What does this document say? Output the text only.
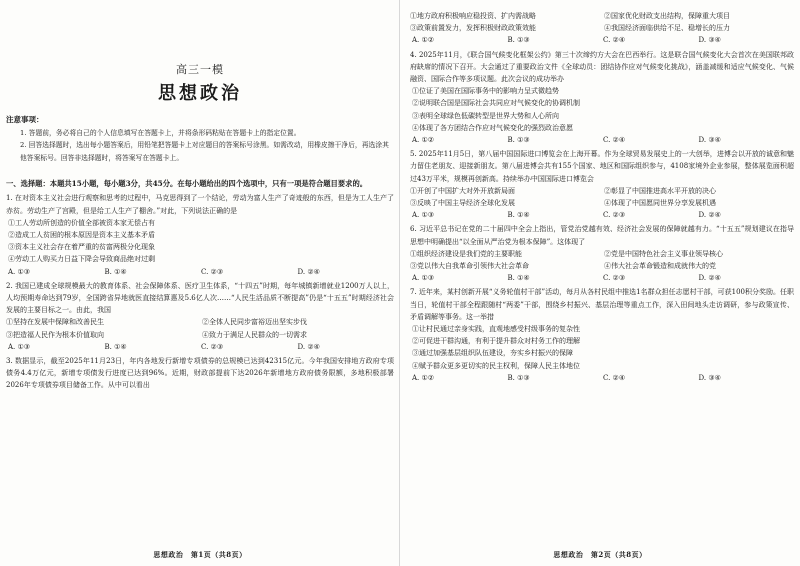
高三一模
思想政治
注意事项：
1. 答题前，务必将自己的个人信息填写在答题卡上，并将条形码粘贴在答题卡上的指定位置。
2. 回答选择题时，选出每小题答案后，用铅笔把答题卡上对应题目的答案标号涂黑。如需改动，用橡皮擦干净后，再选涂其他答案标号。回答非选择题时，将答案写在答题卡上。
一、选择题：本题共15小题，每小题3分，共45分。在每小题给出的四个选项中，只有一项是符合题目要求的。
1. 在对资本主义社会进行观察和思考的过程中，马克思得到了一个结论，劳动为富人生产了奇迹般的东西，但是为工人生产了赤贫。劳动生产了宫殿，但是给工人生产了棚舍。”对此，下列说法正确的是
①工人劳动所创造的价值全部被资本家无偿占有
②造成工人贫困的根本原因是资本主义基本矛盾
③资本主义社会存在着严重的贫富两极分化现象
④劳动工人购买力日益下降会导致商品绝对过剩
A. ①③	B. ①④	C. ②③	D. ②④
2. 我国已建成全球规模最大的教育体系、社会保障体系、医疗卫生体系，“十四五”时期，每年城镇新增就业1200万人以上，人均预期寿命达到79岁，全国跨省异地就医直接结算惠及5.6亿人次……“人民生活品质不断提高”仍是“十五五”时期经济社会发展的主要目标之一。由此，我国
①坚持在发展中保障和改善民生	②全体人民同步富裕迈出坚实步伐
③把造福人民作为根本价值取向	④致力于满足人民群众的一切需求
A. ①③	B. ①④	C. ②③	D. ②④
3. 数据显示，截至2025年11月23日，年内各地发行新增专项债券的总规模已达到42315亿元。今年我国安排地方政府专项债务4.4万亿元，新增专项债发行进度已达到96%。近期，财政部提前下达2026年新增地方政府债务限额，多地积极部署2026年专项债券项目储备工作。从中可以看出
思想政治　第1页（共8页）
①地方政府积极响应稳投资、扩内需战略	②国家优化财政支出结构，保障重大项目
③政策前置发力，发挥积极财政政策效能	④我国经济面临供给不足、稳增长的压力
A. ①②	B. ①③	C. ②④	D. ③④
4. 2025年11月，《联合国气候变化框架公约》第三十次缔约方大会在巴西举行。这是联合国气候变化大会首次在美国联邦政府缺席的情况下召开。大会通过了重要政治文件《全球动员：团结协作应对气候变化挑战》，涵盖减缓和适应气候变化、气候融资、国际合作等多项议题。此次会议的成功举办
①位证了美国在国际事务中的影响力呈式微趋势
②说明联合国是国际社会共同应对气候变化的协调机制
③表明全球绿色低碳转型是世界大势和人心所向
④体现了各方团结合作应对气候变化的强烈政治意愿
A. ①②	B. ①③	C. ②④	D. ③④
5. 2025年11月5日，第八届中国国际进口博览会在上海开幕。作为全球贸易发展史上的一大创举，进博会以开放的诚意和魅力留住老朋友、迎接新朋友。第八届进博会共有155个国家、地区和国际组织参与，4108家境外企业参展，整体展览面积超过43万平米，规模再创新高。持续举办中国国际进口博览会
①开创了中国扩大对外开放新局面	②彰显了中国推进高水平开放的决心
③反映了中国主导经济全球化发展	④体现了中国愿同世界分享发展机遇
A. ①③	B. ①④	C. ②③	D. ②④
6. 习近平总书记在党的二十届四中全会上指出，管党治党越有效、经济社会发展的保障就越有力。“十五五”规划建议在指导思想中明确提出“以全面从严治党为根本保障”。这体现了
①组织经济建设是我们党的主要职能	②党是中国特色社会主义事业领导核心
③党以伟大自我革命引领伟大社会革命	④伟大社会革命锻造和成就伟大的党
A. ①③	B. ①④	C. ②③	D. ②④
7. 近年来，某村创新开展“义务轮值村干部”活动，每月从各村民组中推选1名群众担任志愿村干部，可获100积分奖励。任职当日，轮值村干部全程跟随村“两委”干部，围绕乡村振兴、基层治理等重点工作，深入田间地头走访调研，参与政策宣传、矛盾调解等事务。这一举措
①让村民通过亲身实践，直观地感受村级事务的复杂性
②可促进干群沟通，有利于提升群众对村务工作的理解
③通过加强基层组织队伍建设，夯实乡村振兴的保障
④赋予群众更多更切实的民主权利，保障人民主体地位
A. ①②	B. ①③	C. ②④	D. ③④
思想政治　第2页（共8页）
